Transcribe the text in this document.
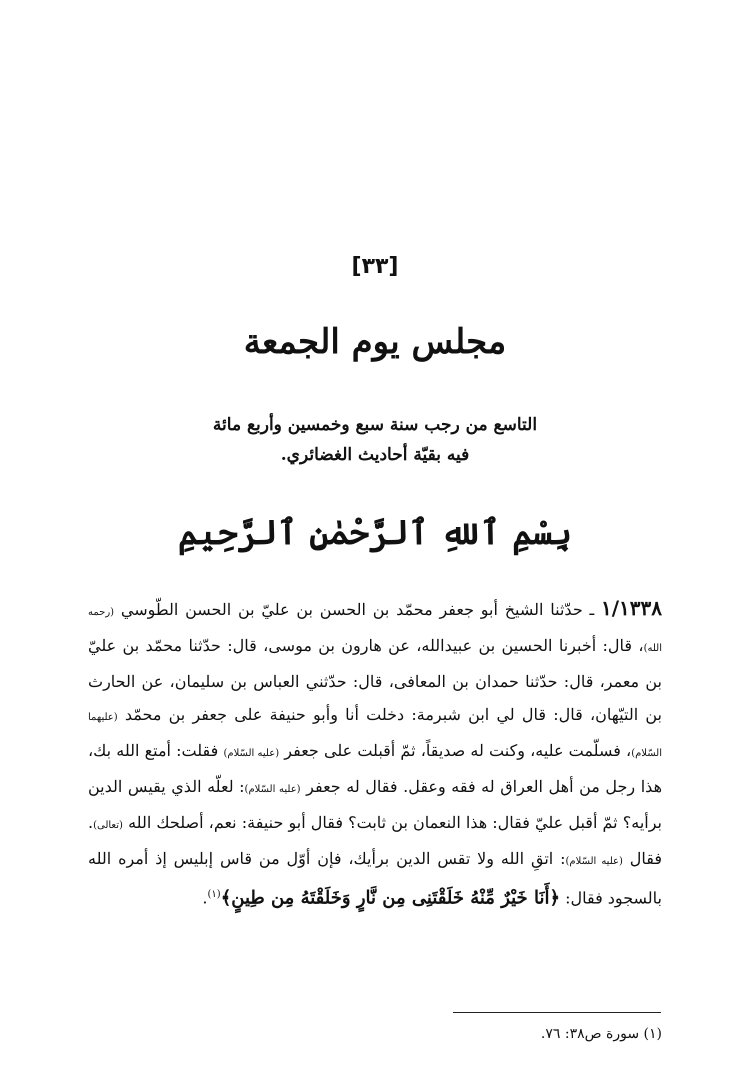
[٣٣]
مجلس يوم الجمعة
التاسع من رجب سنة سبع وخمسين وأربع مائة
فيه بقيّة أحاديث الغضائري.
بِسْمِ ٱللهِ ٱلرَّحْمٰنِ ٱلرَّحِيمِ

١/١٣٣٨ ـ حدّثنا الشيخ أبو جعفر محمّد بن الحسن بن عليّ بن الحسن الطّوسي (رحمه الله)، قال: أخبرنا الحسين بن عبيدالله، عن هارون بن موسى، قال: حدّثنا محمّد بن عليّ بن معمر، قال: حدّثنا حمدان بن المعافى، قال: حدّثني العباس بن سليمان، عن الحارث بن التيّهان، قال: قال لي ابن شبرمة: دخلت أنا وأبو حنيفة على جعفر بن محمّد (عليهما السّلام)، فسلّمت عليه، وكنت له صديقاً، ثمّ أقبلت على جعفر (عليه السّلام) فقلت: أمتع الله بك، هذا رجل من أهل العراق له فقه وعقل. فقال له جعفر (عليه السّلام): لعلّه الذي يقيس الدين برأيه؟ ثمّ أقبل عليّ فقال: هذا النعمان بن ثابت؟ فقال أبو حنيفة: نعم، أصلحك الله (تعالى). فقال (عليه السّلام): اتقِ الله ولا تقس الدين برأيك، فإن أوّل من قاس إبليس إذ أمره الله بالسجود فقال: ﴿أَنَا خَيْرٌ مِّنْهُ خَلَقْتَنِى مِن نَّارٍ وَخَلَقْتَهُ مِن طِينٍ﴾$^{(١)}$.

(١) سورة ص٣٨: ٧٦.
